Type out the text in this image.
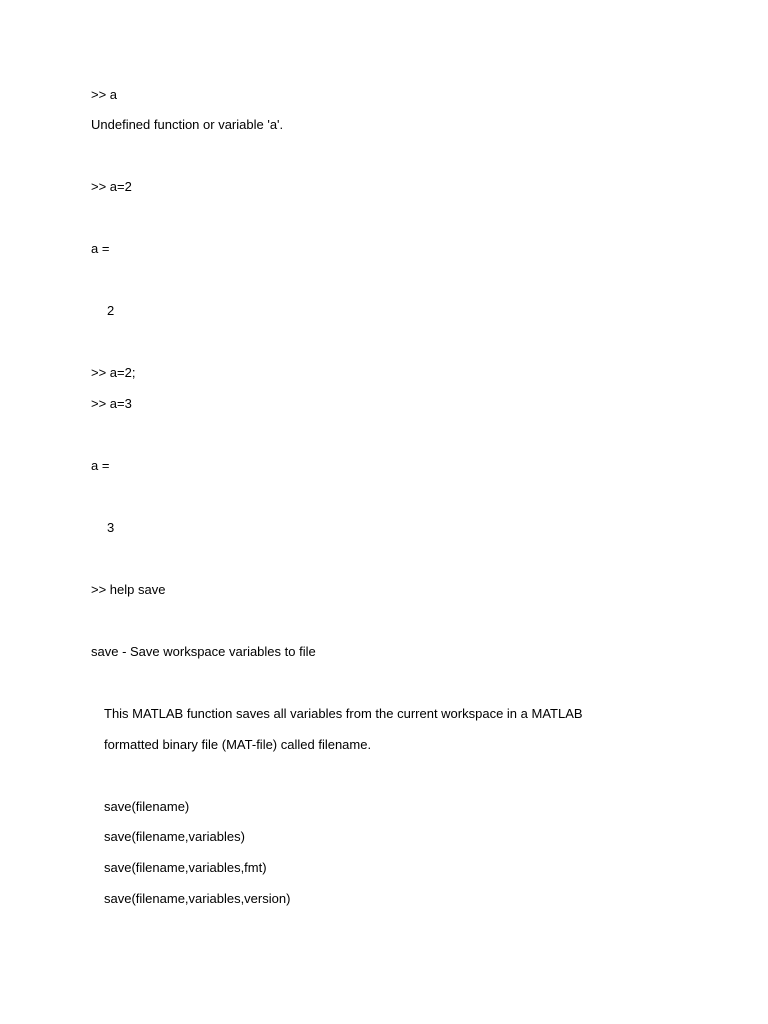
>> a
Undefined function or variable 'a'.
>> a=2
a =
2
>> a=2;
>> a=3
a =
3
>> help save
save - Save workspace variables to file
This MATLAB function saves all variables from the current workspace in a MATLAB
formatted binary file (MAT-file) called filename.
save(filename)
save(filename,variables)
save(filename,variables,fmt)
save(filename,variables,version)
